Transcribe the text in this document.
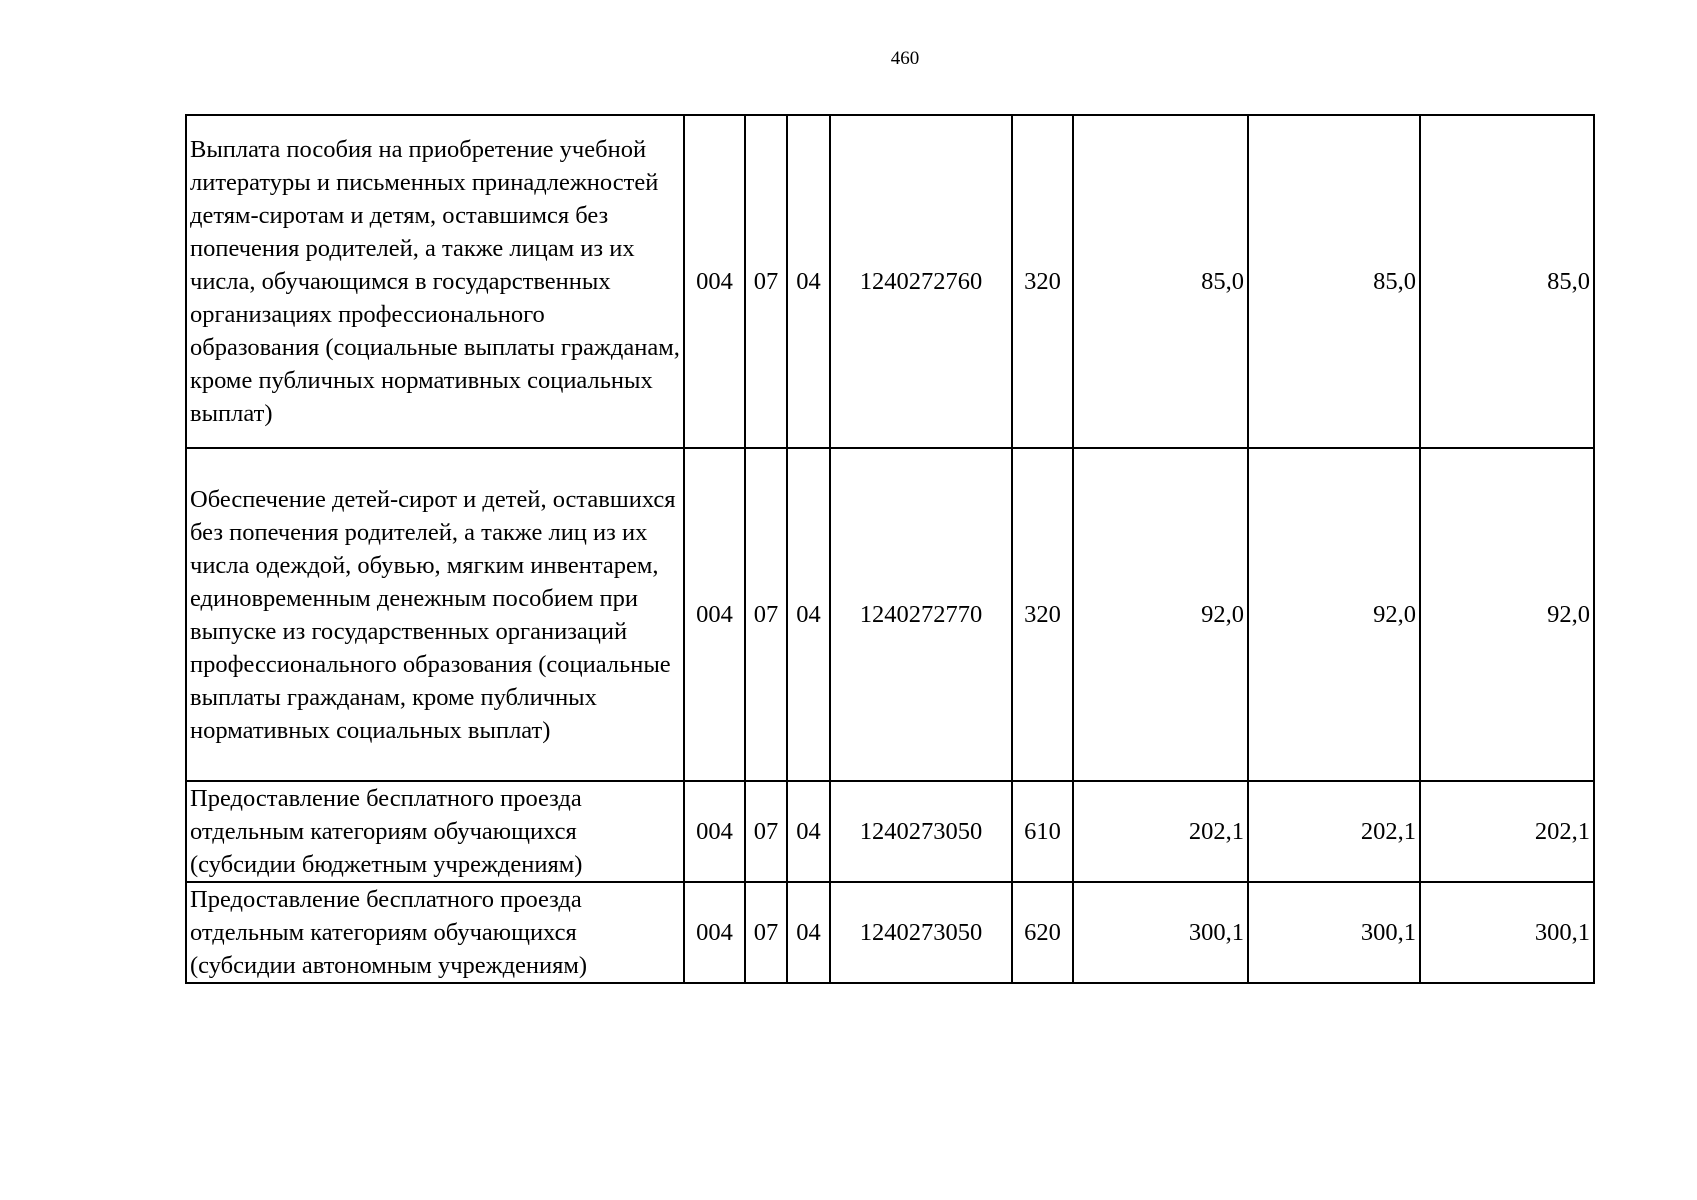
460
Выплата пособия на приобретение учебной литературы и письменных принадлежностей детям-сиротам и детям, оставшимся без попечения родителей, а также лицам из их числа, обучающимся в государственных организациях профессионального образования (социальные выплаты гражданам, кроме публичных нормативных социальных выплат)	004	07	04	1240272760	320	85,0	85,0	85,0
Обеспечение детей-сирот и детей, оставшихся без попечения родителей, а также лиц из их числа одеждой, обувью, мягким инвентарем, единовременным денежным пособием при выпуске из государственных организаций профессионального образования (социальные выплаты гражданам, кроме публичных нормативных социальных выплат)	004	07	04	1240272770	320	92,0	92,0	92,0
Предоставление бесплатного проезда отдельным категориям обучающихся (субсидии бюджетным учреждениям)	004	07	04	1240273050	610	202,1	202,1	202,1
Предоставление бесплатного проезда отдельным категориям обучающихся (субсидии автономным учреждениям)	004	07	04	1240273050	620	300,1	300,1	300,1
